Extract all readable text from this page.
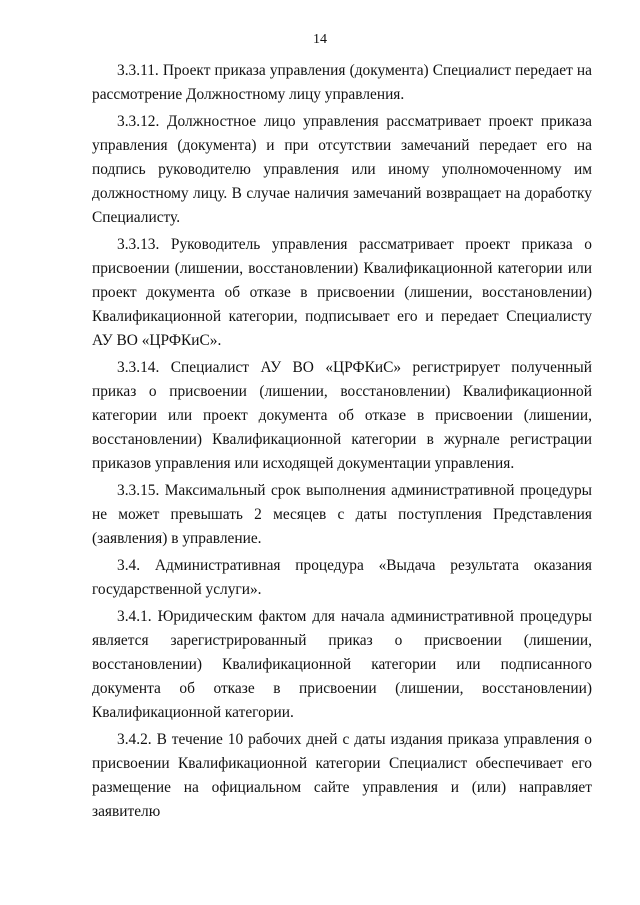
14

3.3.11. Проект приказа управления (документа) Специалист передает на рассмотрение Должностному лицу управления.

3.3.12. Должностное лицо управления рассматривает проект приказа управления (документа) и при отсутствии замечаний передает его на подпись руководителю управления или иному уполномоченному им должностному лицу. В случае наличия замечаний возвращает на доработку Специалисту.

3.3.13. Руководитель управления рассматривает проект приказа о присвоении (лишении, восстановлении) Квалификационной категории или проект документа об отказе в присвоении (лишении, восстановлении) Квалификационной категории, подписывает его и передает Специалисту АУ ВО «ЦРФКиС».

3.3.14. Специалист АУ ВО «ЦРФКиС» регистрирует полученный приказ о присвоении (лишении, восстановлении) Квалификационной категории или проект документа об отказе в присвоении (лишении, восстановлении) Квалификационной категории в журнале регистрации приказов управления или исходящей документации управления.

3.3.15. Максимальный срок выполнения административной процедуры не может превышать 2 месяцев с даты поступления Представления (заявления) в управление.

3.4. Административная процедура «Выдача результата оказания государственной услуги».

3.4.1. Юридическим фактом для начала административной процедуры является зарегистрированный приказ о присвоении (лишении, восстановлении) Квалификационной категории или подписанного документа об отказе в присвоении (лишении, восстановлении) Квалификационной категории.

3.4.2. В течение 10 рабочих дней с даты издания приказа управления о присвоении Квалификационной категории Специалист обеспечивает его размещение на официальном сайте управления и (или) направляет заявителю
